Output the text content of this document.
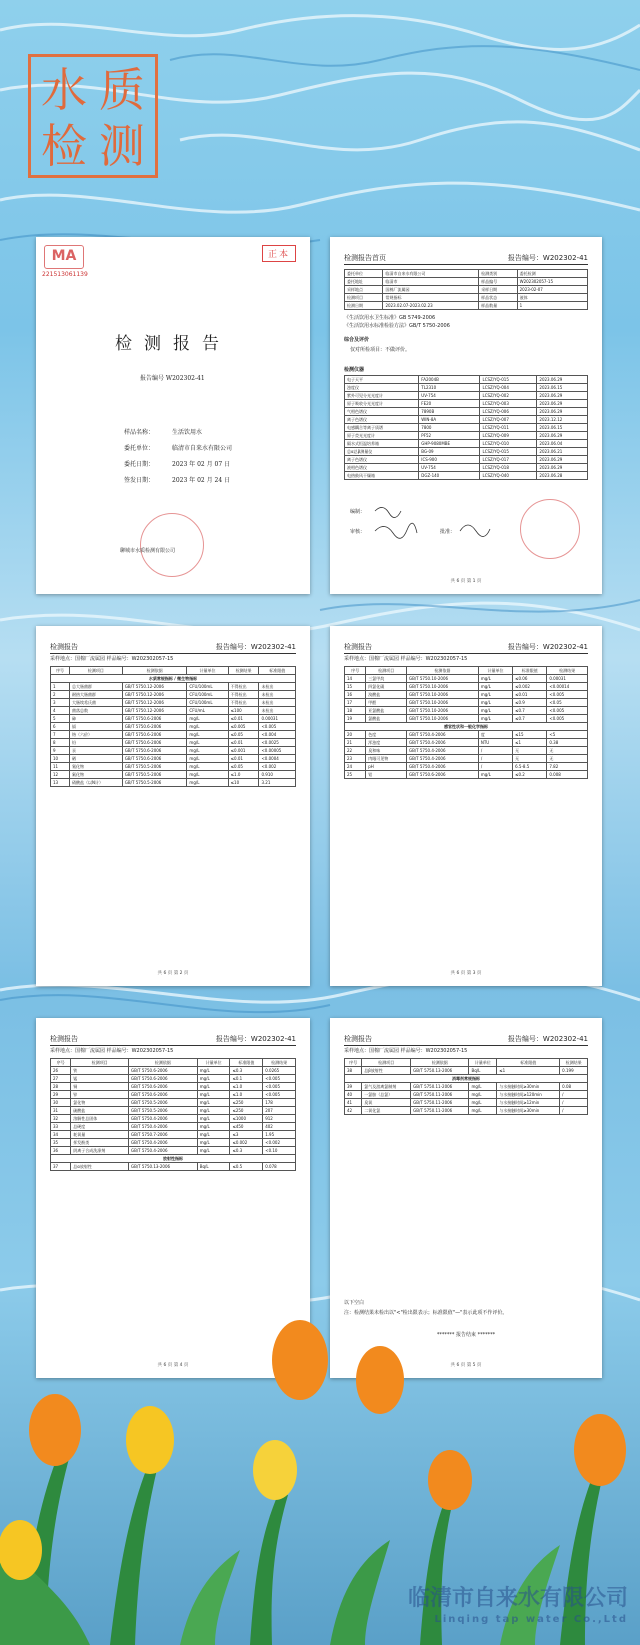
水 质
检 测
MA
221513061139
正本
检测报告
报告编号 W202302-41
样品名称：	生活饮用水
委托单位：	临清市自来水有限公司
委托日期：	2023 年 02 月 07 日
签发日期：	2023 年 02 月 24 日
聊城市水质检测有限公司
检测报告首页	报告编号：W202302-41
委托单位	临清市自来水有限公司	检测类别	委托检测
委托地址	临清市	样品编号	W202302057-15
采样地点	国棉厂流属园	采样日期	2023-02-07
检测项目	常规指标	样品状态	液体
检测日期	2023.02.07-2023.02.23	样品数量	1
《生活饮用水卫生标准》GB 5749-2006
《生活饮用水标准检验方法》GB/T 5750-2006
综合及评价
仅对所检项目：不做评价。
检测仪器
电子天平	FA2004B	LCSZ/YQ-015	2023.06.29
浊度仪	TL2310	LCSZ/YQ-004	2023.06.15
紫外可见分光光度计	UV-754	LCSZ/YQ-002	2023.06.29
原子吸收分光光度计	FE20	LCSZ/YQ-003	2023.06.29
气相色谱仪	7890B	LCSZ/YQ-006	2023.06.29
离子色谱仪	WIN-8A	LCSZ/YQ-007	2023.12.12
电感耦合等离子质谱	7800	LCSZ/YQ-011	2023.06.15
原子荧光光度计	PF52	LCSZ/YQ-009	2023.06.29
隔水式恒温培养箱	GHP-9080MBE	LCSZ/YQ-010	2023.06.04
总α总β测量仪	BG-09	LCSZ/YQ-015	2023.06.21
离子色谱仪	ICS-900	LCSZ/YQ-017	2023.06.29
液相色谱仪	UV-754	LCSZ/YQ-018	2023.06.29
电热鼓风干燥箱	DGZ-140	LCSZ/YQ-040	2023.06.28
编制：
审核：	批准：
共 6 页 第 1 页
检测报告	报告编号：W202302-41
采样地点：国棉厂流属园 样品编号：W202302057-15
序号	检测项目	检测依据	计量单位	检测结果	标准限值
水质常规指标 / 微生物指标					
1	总大肠菌群	GB/T 5750.12-2006	CFU/100mL	不得检出	未检出
2	耐热大肠菌群	GB/T 5750.12-2006	CFU/100mL	不得检出	未检出
3	大肠埃希氏菌	GB/T 5750.12-2006	CFU/100mL	不得检出	未检出
4	菌落总数	GB/T 5750.12-2006	CFU/mL	≤100	未检出
5	砷	GB/T 5750.6-2006	mg/L	≤0.01	0.00031
6	镉	GB/T 5750.6-2006	mg/L	≤0.005	<0.005
7	铬（六价）	GB/T 5750.6-2006	mg/L	≤0.05	<0.004
8	铅	GB/T 5750.6-2006	mg/L	≤0.01	<0.0025
9	汞	GB/T 5750.6-2006	mg/L	≤0.001	<0.00005
10	硒	GB/T 5750.6-2006	mg/L	≤0.01	<0.0004
11	氰化物	GB/T 5750.5-2006	mg/L	≤0.05	<0.002
12	氟化物	GB/T 5750.5-2006	mg/L	≤1.0	0.910
13	硝酸盐（以N计）	GB/T 5750.5-2006	mg/L	≤10	3.21
共 6 页 第 2 页
检测报告	报告编号：W202302-41
采样地点：国棉厂流属园 样品编号：W202302057-15
序号	检测项目	检测依据	计量单位	标准限值	检测结果
14	三氯甲烷	GB/T 5750.10-2006	mg/L	≤0.06	0.00031
15	四氯化碳	GB/T 5750.10-2006	mg/L	≤0.002	<0.00014
16	溴酸盐	GB/T 5750.10-2006	mg/L	≤0.01	<0.005
17	甲醛	GB/T 5750.10-2006	mg/L	≤0.9	<0.05
18	亚氯酸盐	GB/T 5750.10-2006	mg/L	≤0.7	<0.005
19	氯酸盐	GB/T 5750.10-2006	mg/L	≤0.7	<0.005
感官性状和一般化学指标					
20	色度	GB/T 5750.4-2006	度	≤15	<5
21	浑浊度	GB/T 5750.4-2006	NTU	≤1	0.38
22	臭和味	GB/T 5750.4-2006	/	无	无
23	肉眼可见物	GB/T 5750.4-2006	/	无	无
24	pH	GB/T 5750.4-2006	/	6.5-8.5	7.82
25	铝	GB/T 5750.6-2006	mg/L	≤0.2	0.008
共 6 页 第 3 页
检测报告	报告编号：W202302-41
采样地点：国棉厂流属园 样品编号：W202302057-15
序号	检测项目	检测依据	计量单位	标准限值	检测结果
26	铁	GB/T 5750.6-2006	mg/L	≤0.3	0.0265
27	锰	GB/T 5750.6-2006	mg/L	≤0.1	<0.005
28	铜	GB/T 5750.6-2006	mg/L	≤1.0	<0.005
29	锌	GB/T 5750.6-2006	mg/L	≤1.0	<0.005
30	氯化物	GB/T 5750.5-2006	mg/L	≤250	178
31	硫酸盐	GB/T 5750.5-2006	mg/L	≤250	207
32	溶解性总固体	GB/T 5750.4-2006	mg/L	≤1000	912
33	总硬度	GB/T 5750.4-2006	mg/L	≤450	402
34	耗氧量	GB/T 5750.7-2006	mg/L	≤3	1.95
35	挥发酚类	GB/T 5750.4-2006	mg/L	≤0.002	<0.002
36	阴离子合成洗涤剂	GB/T 5750.4-2006	mg/L	≤0.3	<0.10
放射性指标					
37	总α放射性	GB/T 5750.13-2006	Bq/L	≤0.5	0.078
共 6 页 第 4 页
检测报告	报告编号：W202302-41
采样地点：国棉厂流属园 样品编号：W202302057-15
序号	检测项目	检测依据	计量单位	标准限值	检测结果
38	总β放射性	GB/T 5750.13-2006	Bq/L	≤1	0.199
消毒剂常规指标					
39	氯气及游离氯制剂	GB/T 5750.11-2006	mg/L	与水接触时间≥30min	0.08
40	一氯胺（总氯）	GB/T 5750.11-2006	mg/L	与水接触时间≥120min	/
41	臭氧	GB/T 5750.11-2006	mg/L	与水接触时间≥12min	/
42	二氧化氯	GB/T 5750.11-2006	mg/L	与水接触时间≥30min	/
以下空白
注：检测结果未检出以"<"检出限表示；标准限值"—"表示此项不作评价。
******* 报告结束 *******
共 6 页 第 5 页
临清市自来水有限公司
Linqing tap water Co.,Ltd
